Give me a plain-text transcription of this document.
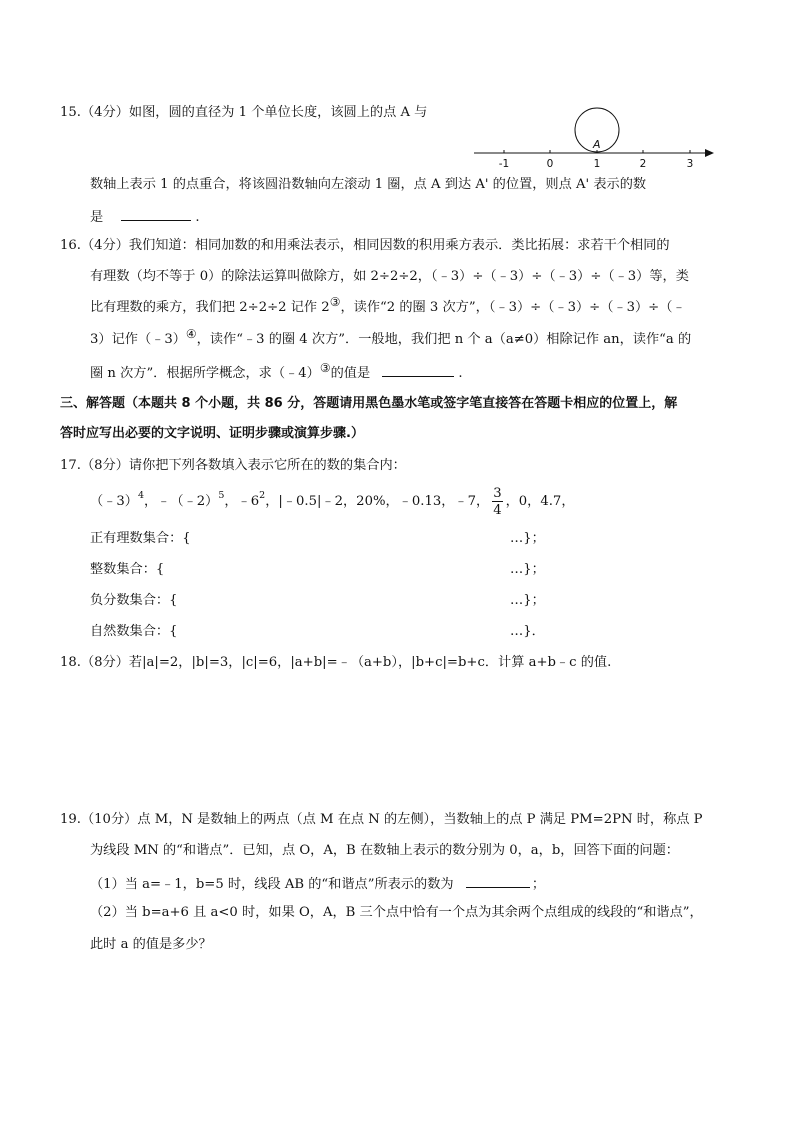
15.（4分）如图，圆的直径为 1 个单位长度，该圆上的点 A 与
A
-1	0	1	2	3
数轴上表示 1 的点重合，将该圆沿数轴向左滚动 1 圈，点 A 到达 A' 的位置，则点 A' 表示的数
是	.
16.（4分）我们知道：相同加数的和用乘法表示，相同因数的积用乘方表示．类比拓展：求若干个相同的
有理数（均不等于 0）的除法运算叫做除方，如 2÷2÷2，（﹣3）÷（﹣3）÷（﹣3）÷（﹣3）等，类
比有理数的乘方，我们把 2÷2÷2 记作 2③，读作“2 的圈 3 次方”，（﹣3）÷（﹣3）÷（﹣3）÷（﹣
3）记作（﹣3）④，读作“﹣3 的圈 4 次方”．一般地，我们把 n 个 a（a≠0）相除记作 an，读作“a 的
圈 n 次方”．根据所学概念，求（﹣4）③的值是	.
三、解答题（本题共 8 个小题，共 86 分，答题请用黑色墨水笔或签字笔直接答在答题卡相应的位置上，解
答时应写出必要的文字说明、证明步骤或演算步骤.）
17.（8分）请你把下列各数填入表示它所在的数的集合内：
（﹣3） 4 ，﹣（﹣2） 5 ，﹣6 2 ，|﹣0.5|﹣2，20%，﹣0.13，﹣7， $\frac{3}{4}$ ，0，4.7，
正有理数集合：{	…}；
整数集合：{	…}；
负分数集合：{	…}；
自然数集合：{	…}．
18.（8分）若|a|=2，|b|=3，|c|=6，|a+b|=﹣（a+b），|b+c|=b+c．计算 a+b﹣c 的值.
19.（10分）点 M，N 是数轴上的两点（点 M 在点 N 的左侧），当数轴上的点 P 满足 PM=2PN 时，称点 P
为线段 MN 的“和谐点”．已知，点 O，A，B 在数轴上表示的数分别为 0，a，b，回答下面的问题：
（1）当 a=﹣1，b=5 时，线段 AB 的“和谐点”所表示的数为	；
（2）当 b=a+6 且 a<0 时，如果 O，A，B 三个点中恰有一个点为其余两个点组成的线段的“和谐点”，
此时 a 的值是多少？
